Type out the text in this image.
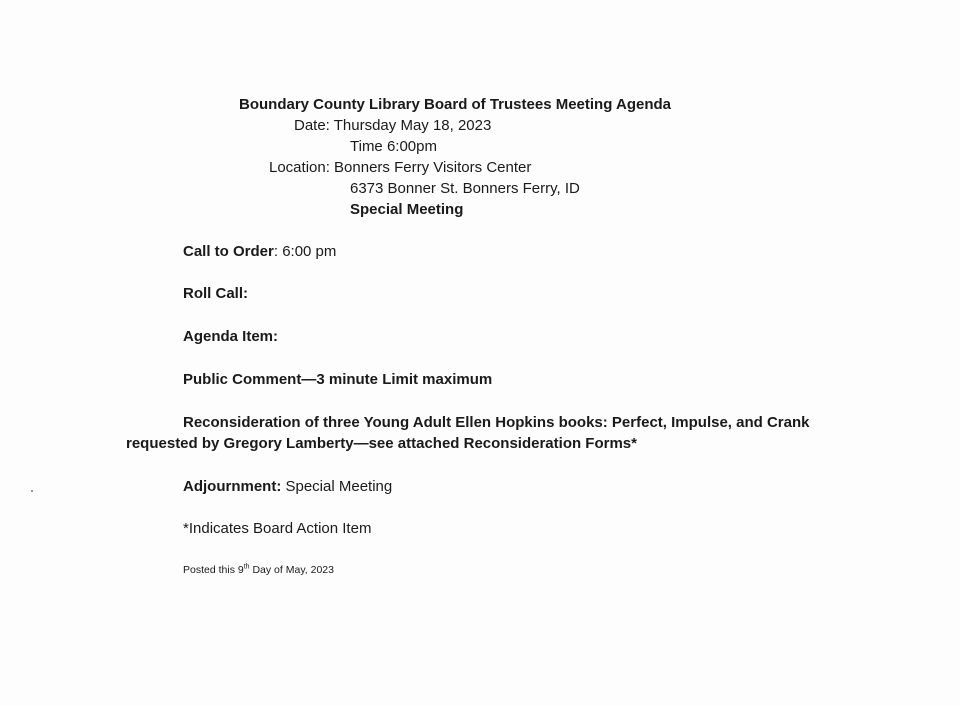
Boundary County Library Board of Trustees Meeting Agenda
Date: Thursday May 18, 2023
Time 6:00pm
Location: Bonners Ferry Visitors Center
6373 Bonner St. Bonners Ferry, ID
Special Meeting
Call to Order: 6:00 pm
Roll Call:
Agenda Item:
Public Comment—3 minute Limit maximum
Reconsideration of three Young Adult Ellen Hopkins books: Perfect, Impulse, and Crank
requested by Gregory Lamberty—see attached Reconsideration Forms*
Adjournment: Special Meeting
*Indicates Board Action Item
Posted this 9th Day of May, 2023
